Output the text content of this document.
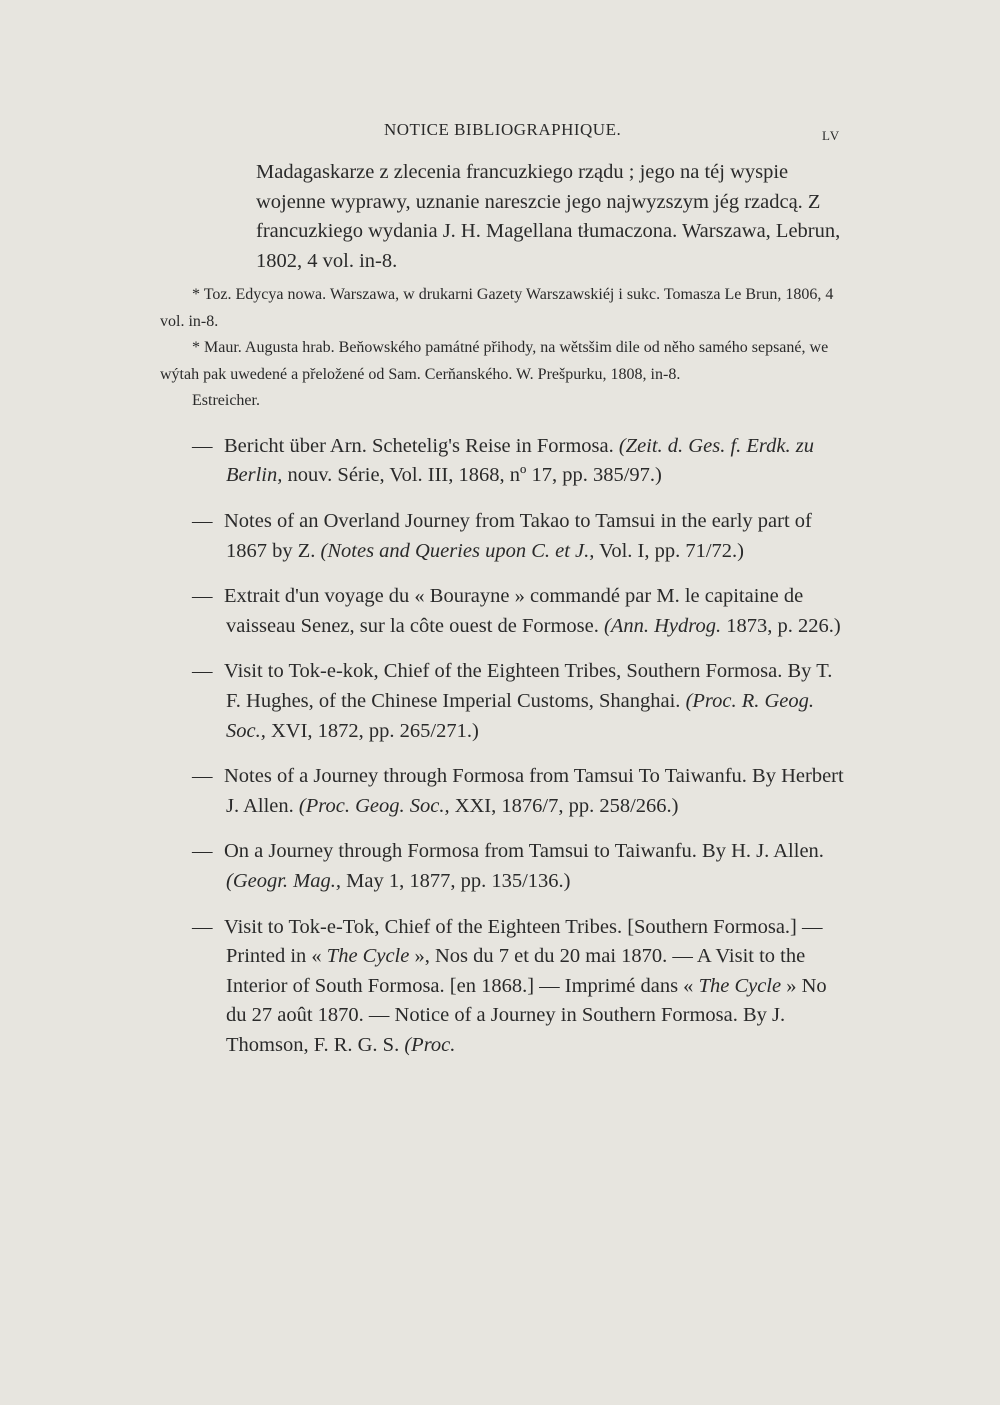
NOTICE BIBLIOGRAPHIQUE.	LV

Madagaskarze z zlecenia francuzkiego rządu ; jego na téj wyspie wojenne wyprawy, uznanie nareszcie jego najwyzszym jég rzadcą. Z francuzkiego wydania J. H. Magellana tłumaczona. Warszawa, Lebrun, 1802, 4 vol. in-8.

* Toz. Edycya nowa. Warszawa, w drukarni Gazety Warszawskiéj i sukc. Tomasza Le Brun, 1806, 4 vol. in-8.

* Maur. Augusta hrab. Beňowského památné přihody, na wětsšim dile od něho samého sepsané, we wýtah pak uwedené a přeložené od Sam. Cerňanského. W. Prešpurku, 1808, in-8.

Estreicher.

— Bericht über Arn. Schetelig's Reise in Formosa. (Zeit. d. Ges. f. Erdk. zu Berlin, nouv. Série, Vol. III, 1868, nº 17, pp. 385/97.)

— Notes of an Overland Journey from Takao to Tamsui in the early part of 1867 by Z. (Notes and Queries upon C. et J., Vol. I, pp. 71/72.)

— Extrait d'un voyage du « Bourayne » commandé par M. le capitaine de vaisseau Senez, sur la côte ouest de Formose. (Ann. Hydrog. 1873, p. 226.)

— Visit to Tok-e-kok, Chief of the Eighteen Tribes, Southern Formosa. By T. F. Hughes, of the Chinese Imperial Customs, Shanghai. (Proc. R. Geog. Soc., XVI, 1872, pp. 265/271.)

— Notes of a Journey through Formosa from Tamsui To Taiwanfu. By Herbert J. Allen. (Proc. Geog. Soc., XXI, 1876/7, pp. 258/266.)

— On a Journey through Formosa from Tamsui to Taiwanfu. By H. J. Allen. (Geogr. Mag., May 1, 1877, pp. 135/136.)

— Visit to Tok-e-Tok, Chief of the Eighteen Tribes. [Southern Formosa.] — Printed in « The Cycle », Nos du 7 et du 20 mai 1870. — A Visit to the Interior of South Formosa. [en 1868.] — Imprimé dans « The Cycle » No du 27 août 1870. — Notice of a Journey in Southern Formosa. By J. Thomson, F. R. G. S. (Proc.
